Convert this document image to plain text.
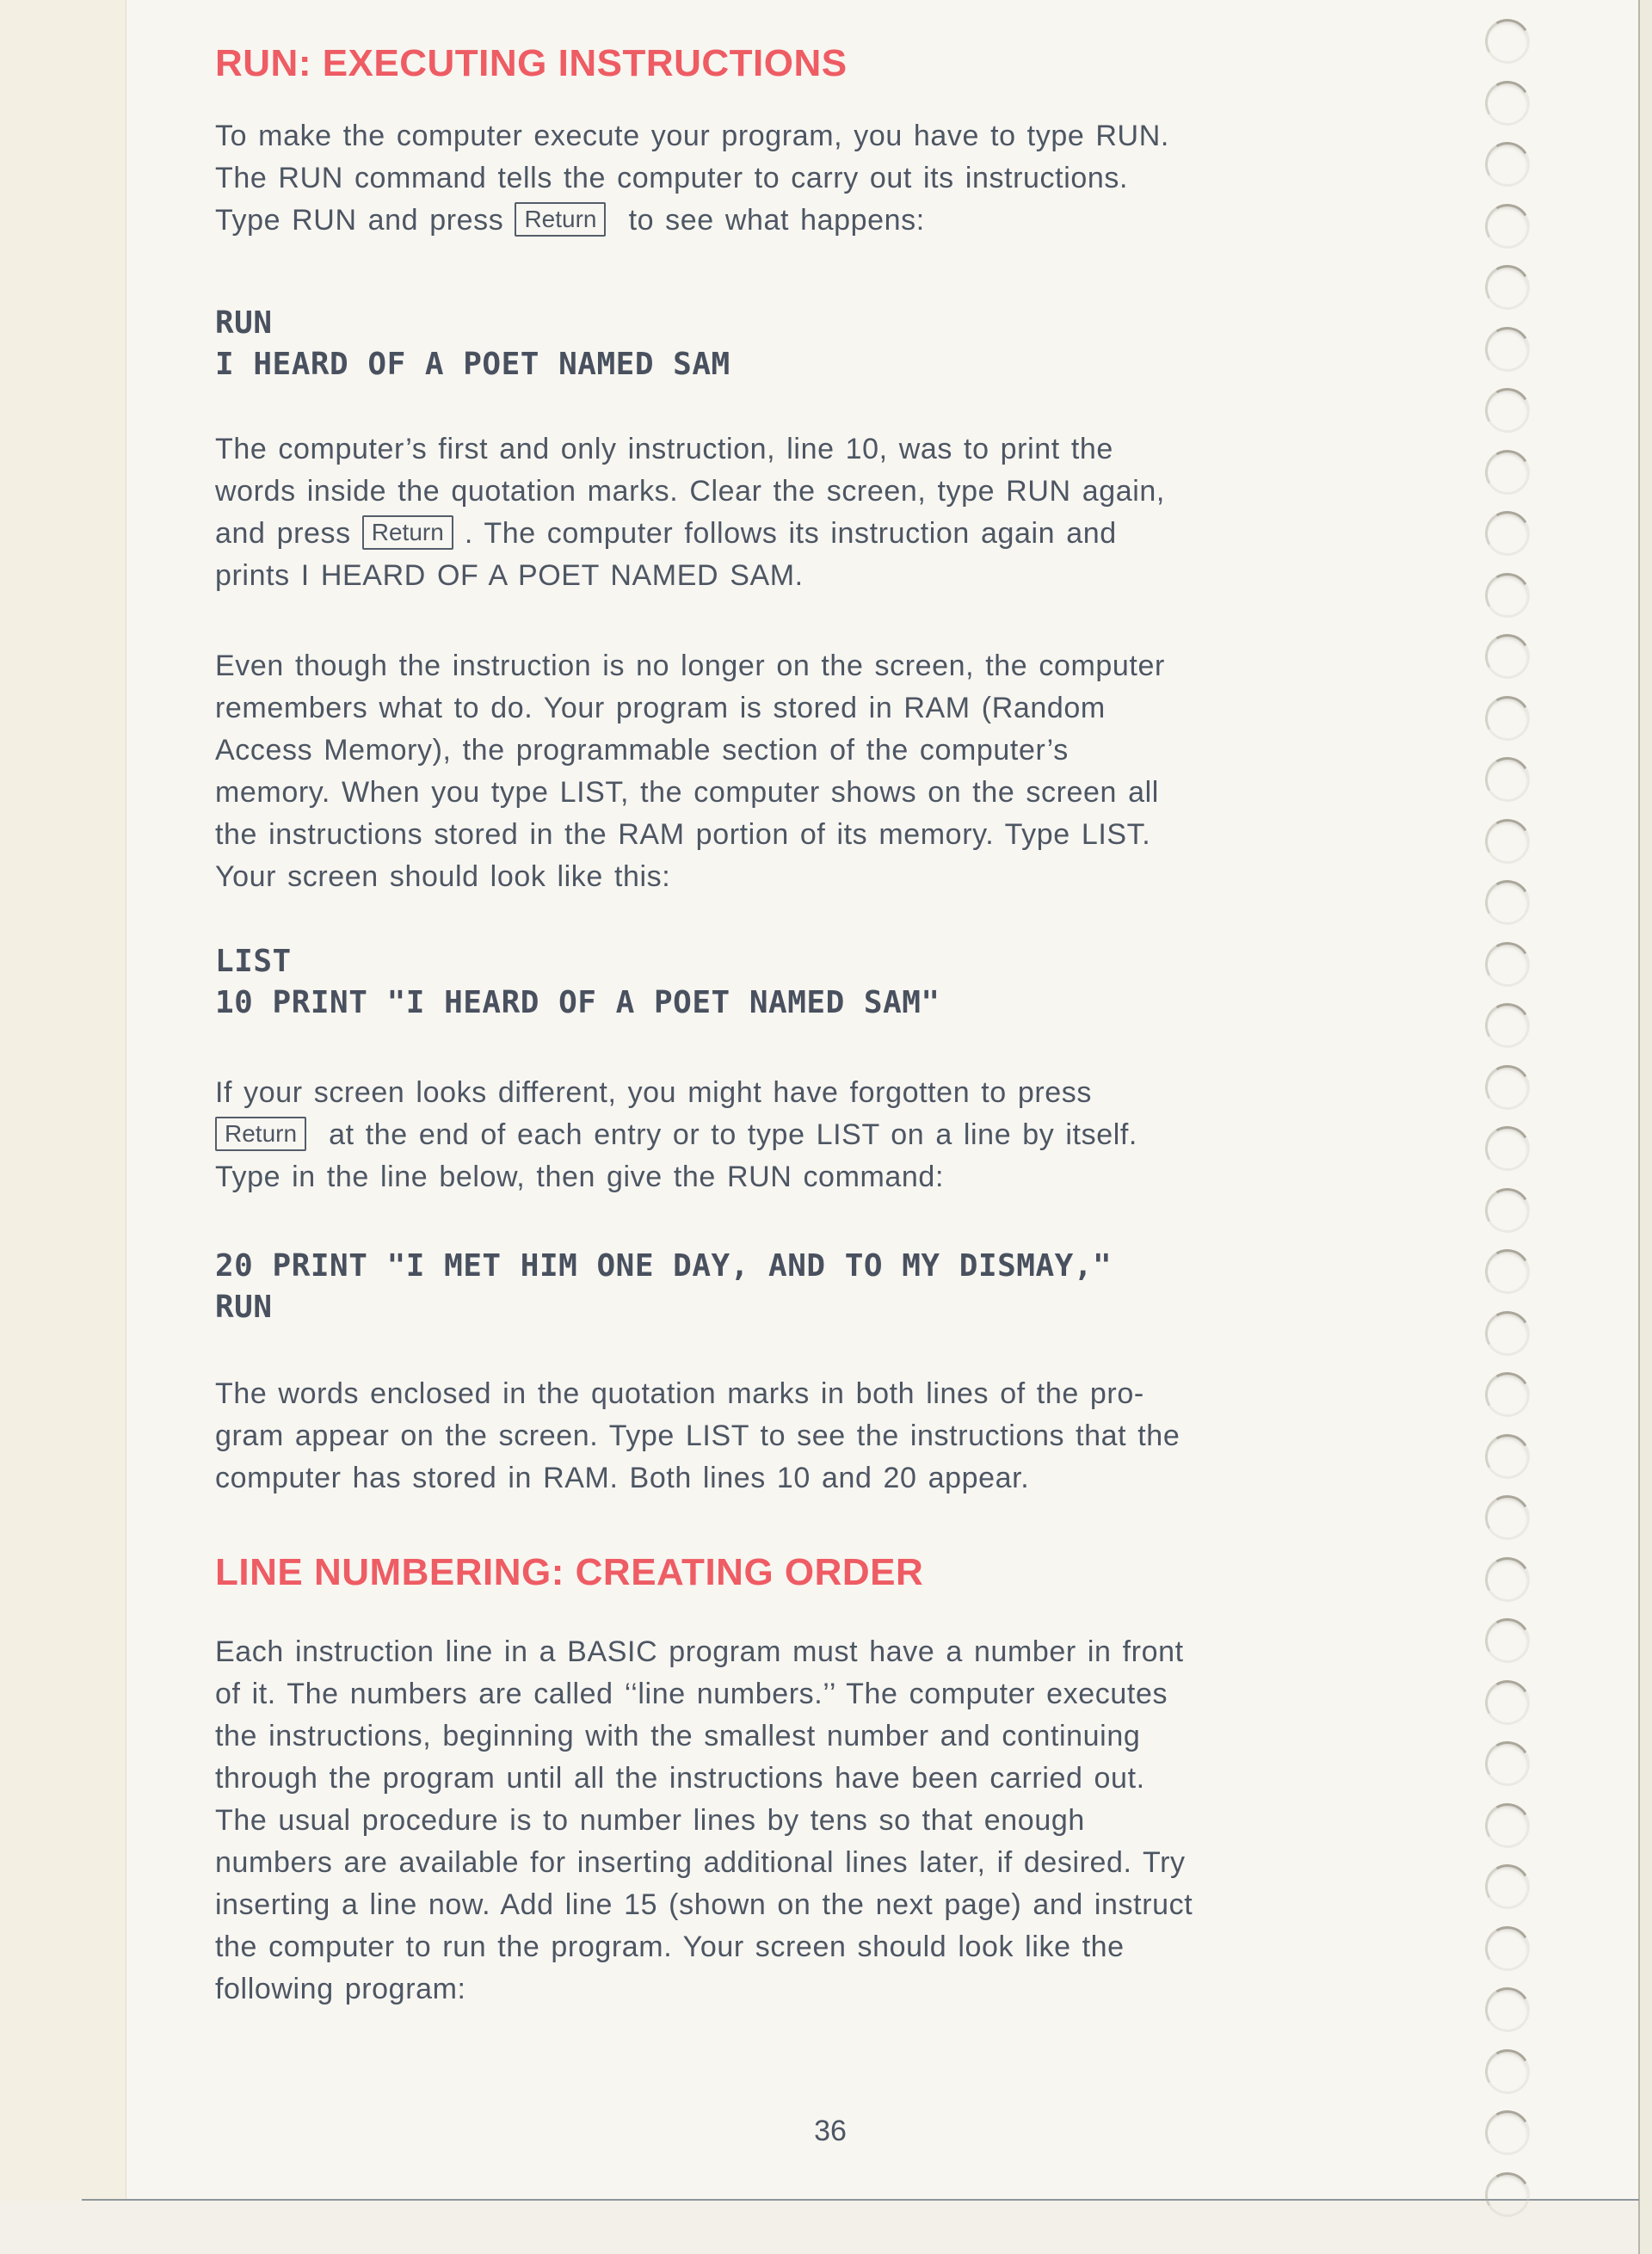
RUN: EXECUTING INSTRUCTIONS
To make the computer execute your program, you have to type RUN.
The RUN command tells the computer to carry out its instructions.
Type RUN and press Return  to see what happens:
RUN
I HEARD OF A POET NAMED SAM
The computer’s first and only instruction, line 10, was to print the
words inside the quotation marks. Clear the screen, type RUN again,
and press Return . The computer follows its instruction again and
prints I HEARD OF A POET NAMED SAM.
Even though the instruction is no longer on the screen, the computer
remembers what to do. Your program is stored in RAM (Random
Access Memory), the programmable section of the computer’s
memory. When you type LIST, the computer shows on the screen all
the instructions stored in the RAM portion of its memory. Type LIST.
Your screen should look like this:
LIST
10 PRINT "I HEARD OF A POET NAMED SAM"
If your screen looks different, you might have forgotten to press
Return  at the end of each entry or to type LIST on a line by itself.
Type in the line below, then give the RUN command:
20 PRINT "I MET HIM ONE DAY, AND TO MY DISMAY,"
RUN
The words enclosed in the quotation marks in both lines of the pro-
gram appear on the screen. Type LIST to see the instructions that the
computer has stored in RAM. Both lines 10 and 20 appear.
LINE NUMBERING: CREATING ORDER
Each instruction line in a BASIC program must have a number in front
of it. The numbers are called ‘‘line numbers.’’ The computer executes
the instructions, beginning with the smallest number and continuing
through the program until all the instructions have been carried out.
The usual procedure is to number lines by tens so that enough
numbers are available for inserting additional lines later, if desired. Try
inserting a line now. Add line 15 (shown on the next page) and instruct
the computer to run the program. Your screen should look like the
following program:
36
